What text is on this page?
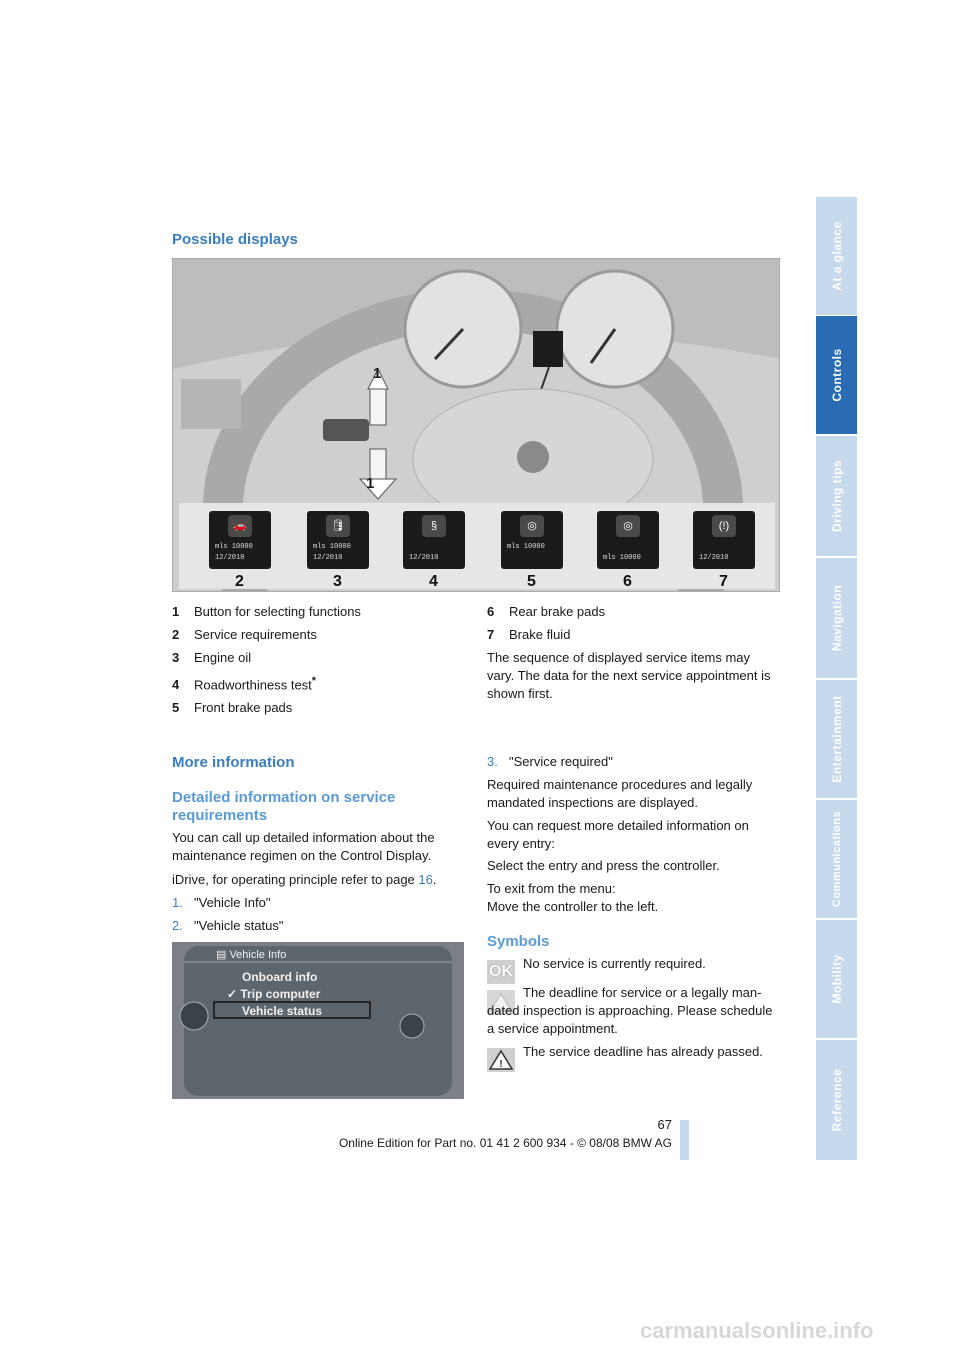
At a glance
Controls
Driving tips
Navigation
Entertainment
Communications
Mobility
Reference
Possible displays
1
1
🚗
mls 10000
12/2010
2
🛢
mls 10000
12/2010
3
§
12/2010
4
◎
mls 10000
5
◎
mls 10000
6
(!)
12/2010
7
1 Button for selecting functions
2 Service requirements
3 Engine oil
4 Roadworthiness test*
5 Front brake pads
6 Rear brake pads
7 Brake fluid
The sequence of displayed service items may vary. The data for the next service appointment is shown first.
More information
Detailed information on service requirements
You can call up detailed information about the maintenance regimen on the Control Display.
iDrive, for operating principle refer to page 16.
1. "Vehicle Info"
2. "Vehicle status"
▤ Vehicle Info
Onboard info
✓ Trip computer
Vehicle status
3. "Service required"
Required maintenance procedures and legally mandated inspections are displayed.
You can request more detailed information on every entry:
Select the entry and press the controller.
To exit from the menu:
Move the controller to the left.
Symbols
OK No service is currently required.
The deadline for service or a legally man-dated inspection is approaching. Please schedule a service appointment.
!
The service deadline has already passed.
67
Online Edition for Part no. 01 41 2 600 934 - © 08/08 BMW AG
carmanualsonline.info
